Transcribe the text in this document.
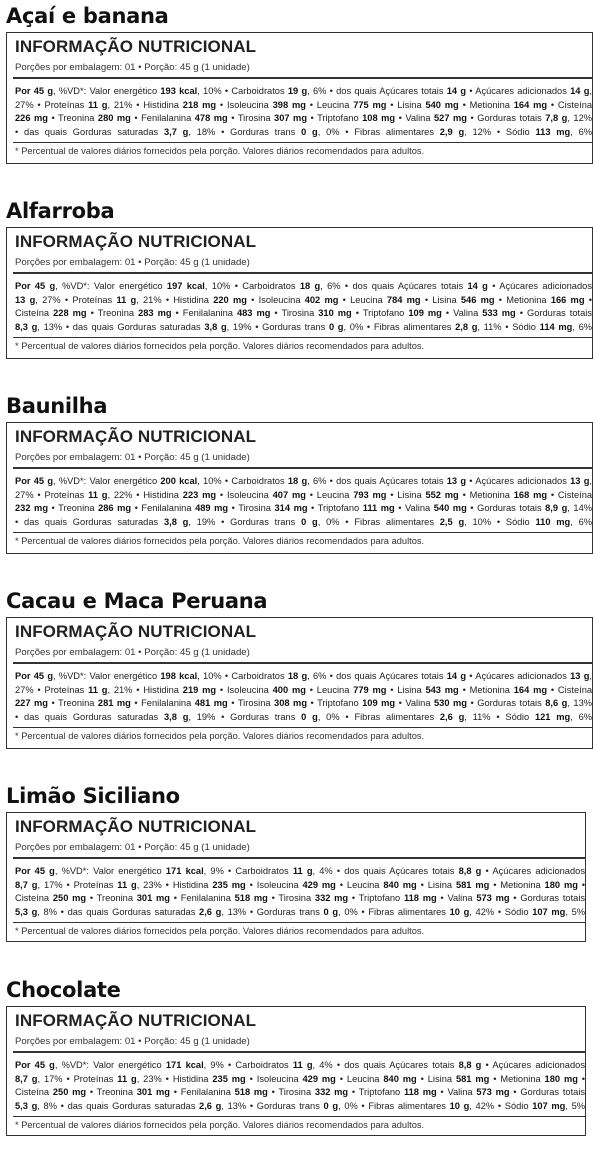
Açaí e banana
INFORMAÇÃO NUTRICIONAL
Porções por embalagem: 01 • Porção: 45 g (1 unidade)
Por 45 g, %VD*: Valor energético 193 kcal, 10% • Carboidratos 19 g, 6% • dos quais Açúcares totais 14 g • Açúcares adicionados 14 g,
27% • Proteínas 11 g, 21% • Histidina 218 mg • Isoleucina 398 mg • Leucina 775 mg • Lisina 540 mg • Metionina 164 mg • Cisteína
226 mg • Treonina 280 mg • Fenilalanina 478 mg • Tirosina 307 mg • Triptofano 108 mg • Valina 527 mg • Gorduras totais 7,8 g, 12%
• das quais Gorduras saturadas 3,7 g, 18% • Gorduras trans 0 g, 0% • Fibras alimentares 2,9 g, 12% • Sódio 113 mg, 6%
* Percentual de valores diários fornecidos pela porção. Valores diários recomendados para adultos.
Alfarroba
INFORMAÇÃO NUTRICIONAL
Porções por embalagem: 01 • Porção: 45 g (1 unidade)
Por 45 g, %VD*: Valor energético 197 kcal, 10% • Carboidratos 18 g, 6% • dos quais Açúcares totais 14 g • Açúcares adicionados
13 g, 27% • Proteínas 11 g, 21% • Histidina 220 mg • Isoleucina 402 mg • Leucina 784 mg • Lisina 546 mg • Metionina 166 mg •
Cisteína 228 mg • Treonina 283 mg • Fenilalanina 483 mg • Tirosina 310 mg • Triptofano 109 mg • Valina 533 mg • Gorduras totais
8,3 g, 13% • das quais Gorduras saturadas 3,8 g, 19% • Gorduras trans 0 g, 0% • Fibras alimentares 2,8 g, 11% • Sódio 114 mg, 6%
* Percentual de valores diários fornecidos pela porção. Valores diários recomendados para adultos.
Baunilha
INFORMAÇÃO NUTRICIONAL
Porções por embalagem: 01 • Porção: 45 g (1 unidade)
Por 45 g, %VD*: Valor energético 200 kcal, 10% • Carboidratos 18 g, 6% • dos quais Açúcares totais 13 g • Açúcares adicionados 13 g,
27% • Proteínas 11 g, 22% • Histidina 223 mg • Isoleucina 407 mg • Leucina 793 mg • Lisina 552 mg • Metionina 168 mg • Cisteína
232 mg • Treonina 286 mg • Fenilalanina 489 mg • Tirosina 314 mg • Triptofano 111 mg • Valina 540 mg • Gorduras totais 8,9 g, 14%
• das quais Gorduras saturadas 3,8 g, 19% • Gorduras trans 0 g, 0% • Fibras alimentares 2,5 g, 10% • Sódio 110 mg, 6%
* Percentual de valores diários fornecidos pela porção. Valores diários recomendados para adultos.
Cacau e Maca Peruana
INFORMAÇÃO NUTRICIONAL
Porções por embalagem: 01 • Porção: 45 g (1 unidade)
Por 45 g, %VD*: Valor energético 198 kcal, 10% • Carboidratos 18 g, 6% • dos quais Açúcares totais 14 g • Açúcares adicionados 13 g,
27% • Proteínas 11 g, 21% • Histidina 219 mg • Isoleucina 400 mg • Leucina 779 mg • Lisina 543 mg • Metionina 164 mg • Cisteína
227 mg • Treonina 281 mg • Fenilalanina 481 mg • Tirosina 308 mg • Triptofano 109 mg • Valina 530 mg • Gorduras totais 8,6 g, 13%
• das quais Gorduras saturadas 3,8 g, 19% • Gorduras trans 0 g, 0% • Fibras alimentares 2,6 g, 11% • Sódio 121 mg, 6%
* Percentual de valores diários fornecidos pela porção. Valores diários recomendados para adultos.
Limão Siciliano
INFORMAÇÃO NUTRICIONAL
Porções por embalagem: 01 • Porção: 45 g (1 unidade)
Por 45 g, %VD*: Valor energético 171 kcal, 9% • Carboidratos 11 g, 4% • dos quais Açúcares totais 8,8 g • Açúcares adicionados
8,7 g, 17% • Proteínas 11 g, 23% • Histidina 235 mg • Isoleucina 429 mg • Leucina 840 mg • Lisina 581 mg • Metionina 180 mg •
Cisteína 250 mg • Treonina 301 mg • Fenilalanina 518 mg • Tirosina 332 mg • Triptofano 118 mg • Valina 573 mg • Gorduras totais
5,3 g, 8% • das quais Gorduras saturadas 2,6 g, 13% • Gorduras trans 0 g, 0% • Fibras alimentares 10 g, 42% • Sódio 107 mg, 5%
* Percentual de valores diários fornecidos pela porção. Valores diários recomendados para adultos.
Chocolate
INFORMAÇÃO NUTRICIONAL
Porções por embalagem: 01 • Porção: 45 g (1 unidade)
Por 45 g, %VD*: Valor energético 171 kcal, 9% • Carboidratos 11 g, 4% • dos quais Açúcares totais 8,8 g • Açúcares adicionados
8,7 g, 17% • Proteínas 11 g, 23% • Histidina 235 mg • Isoleucina 429 mg • Leucina 840 mg • Lisina 581 mg • Metionina 180 mg •
Cisteína 250 mg • Treonina 301 mg • Fenilalanina 518 mg • Tirosina 332 mg • Triptofano 118 mg • Valina 573 mg • Gorduras totais
5,3 g, 8% • das quais Gorduras saturadas 2,6 g, 13% • Gorduras trans 0 g, 0% • Fibras alimentares 10 g, 42% • Sódio 107 mg, 5%
* Percentual de valores diários fornecidos pela porção. Valores diários recomendados para adultos.
